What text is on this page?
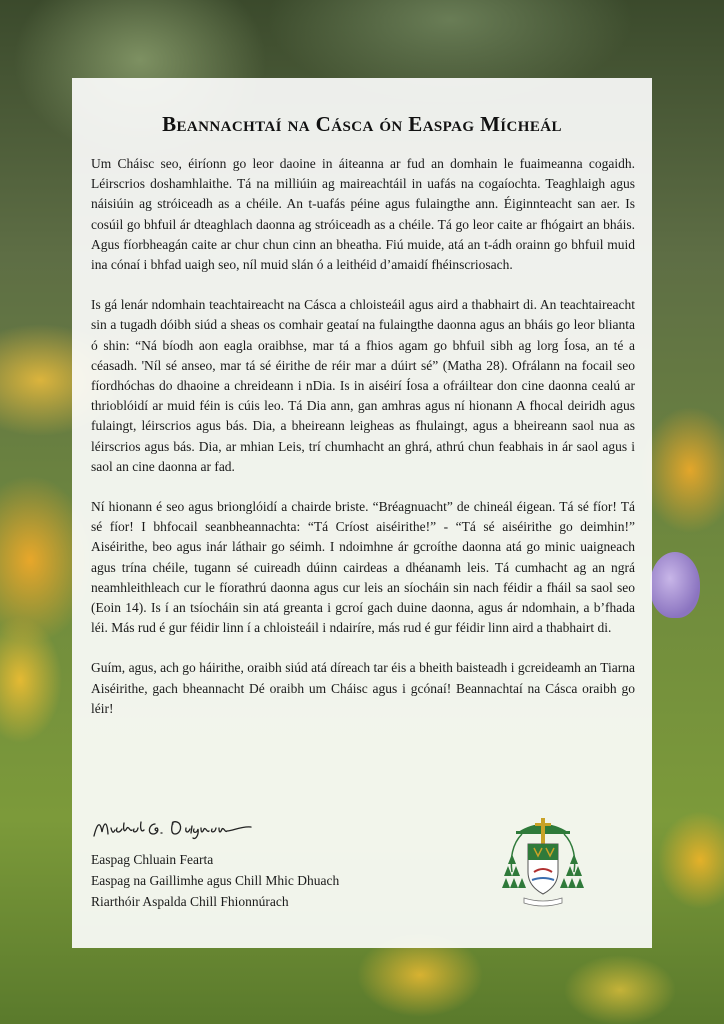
Beannachtaí na Cásca ón Easpag Mícheál

Um Cháisc seo, éiríonn go leor daoine in áiteanna ar fud an domhain le fuaimeanna cogaidh. Léirscrios doshamhlaithe. Tá na milliúin ag maireachtáil in uafás na cogaíochta. Teaghlaigh agus náisiúin ag stróiceadh as a chéile. An t-uafás péine agus fulaingthe ann. Éiginnteacht san aer. Is cosúil go bhfuil ár dteaghlach daonna ag stróiceadh as a chéile. Tá go leor caite ar fhógairt an bháis. Agus fíorbheagán caite ar chur chun cinn an bheatha. Fiú muide, atá an t-ádh orainn go bhfuil muid ina cónaí i bhfad uaigh seo, níl muid slán ó a leithéid d’amaidí fhéinscriosach.

Is gá lenár ndomhain teachtaireacht na Cásca a chloisteáil agus aird a thabhairt di. An teachtaireacht sin a tugadh dóibh siúd a sheas os comhair geataí na fulaingthe daonna agus an bháis go leor blianta ó shin: “Ná bíodh aon eagla oraibhse, mar tá a fhios agam go bhfuil sibh ag lorg Íosa, an té a céasadh. 'Níl sé anseo, mar tá sé éirithe de réir mar a dúirt sé” (Matha 28). Ofrálann na focail seo fíordhóchas do dhaoine a chreideann i nDia. Is in aiséirí Íosa a ofráiltear don cine daonna cealú ar thrioblóidí ar muid féin is cúis leo. Tá Dia ann, gan amhras agus ní hionann A fhocal deiridh agus fulaingt, léirscrios agus bás. Dia, a bheireann leigheas as fhulaingt, agus a bheireann saol nua as léirscrios agus bás. Dia, ar mhian Leis, trí chumhacht an ghrá, athrú chun feabhais in ár saol agus i saol an cine daonna ar fad.

Ní hionann é seo agus brionglóidí a chairde briste. “Bréagnuacht” de chineál éigean. Tá sé fíor! Tá sé fíor! I bhfocail seanbheannachta: “Tá Críost aiséirithe!” - “Tá sé aiséirithe go deimhin!” Aiséirithe, beo agus inár láthair go séimh. I ndoimhne ár gcroíthe daonna atá go minic uaigneach agus trína chéile, tugann sé cuireadh dúinn cairdeas a dhéanamh leis. Tá cumhacht ag an ngrá neamhleithleach cur le fíorathrú daonna agus cur leis an síocháin sin nach féidir a fháil sa saol seo (Eoin 14). Is í an tsíocháin sin atá greanta i gcroí gach duine daonna, agus ár ndomhain, a b’fhada léi. Más rud é gur féidir linn í a chloisteáil i ndairíre, más rud é gur féidir linn aird a thabhairt di.

Guím, agus, ach go háirithe, oraibh siúd atá díreach tar éis a bheith baisteadh i gcreideamh an Tiarna Aiséirithe, gach bheannacht Dé oraibh um Cháisc agus i gcónaí! Beannachtaí na Cásca oraibh go léir!

Easpag Chluain Fearta
Easpag na Gaillimhe agus Chill Mhic Dhuach
Riarthóir Aspalda Chill Fhionnúrach
